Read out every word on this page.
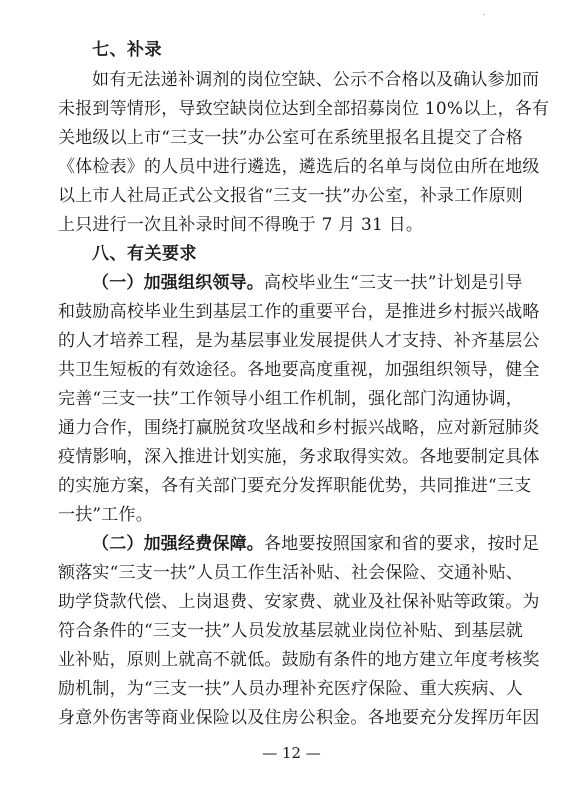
.
七、补录
如有无法递补调剂的岗位空缺、公示不合格以及确认参加而
未报到等情形，导致空缺岗位达到全部招募岗位 10%以上，各有
关地级以上市“三支一扶”办公室可在系统里报名且提交了合格
《体检表》的人员中进行遴选，遴选后的名单与岗位由所在地级
以上市人社局正式公文报省“三支一扶”办公室，补录工作原则
上只进行一次且补录时间不得晚于 7 月 31 日。
八、有关要求
（一）加强组织领导。高校毕业生“三支一扶”计划是引导
和鼓励高校毕业生到基层工作的重要平台，是推进乡村振兴战略
的人才培养工程，是为基层事业发展提供人才支持、补齐基层公
共卫生短板的有效途径。各地要高度重视，加强组织领导，健全
完善“三支一扶”工作领导小组工作机制，强化部门沟通协调，
通力合作，围绕打赢脱贫攻坚战和乡村振兴战略，应对新冠肺炎
疫情影响，深入推进计划实施，务求取得实效。各地要制定具体
的实施方案，各有关部门要充分发挥职能优势，共同推进“三支
一扶”工作。
（二）加强经费保障。各地要按照国家和省的要求，按时足
额落实“三支一扶”人员工作生活补贴、社会保险、交通补贴、
助学贷款代偿、上岗退费、安家费、就业及社保补贴等政策。为
符合条件的“三支一扶”人员发放基层就业岗位补贴、到基层就
业补贴，原则上就高不就低。鼓励有条件的地方建立年度考核奖
励机制，为“三支一扶”人员办理补充医疗保险、重大疾病、人
身意外伤害等商业保险以及住房公积金。各地要充分发挥历年因
— 12 —
